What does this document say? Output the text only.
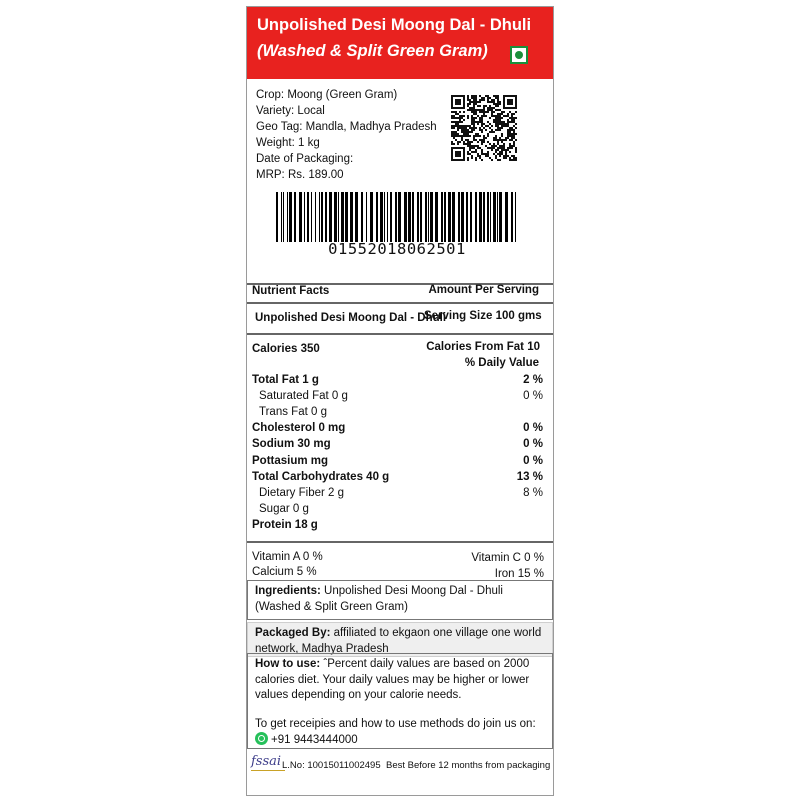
Unpolished Desi Moong Dal - Dhuli
(Washed & Split Green Gram)
Crop: Moong (Green Gram)
Variety: Local
Geo Tag: Mandla, Madhya Pradesh
Weight: 1 kg
Date of Packaging:
MRP: Rs. 189.00
01552018062501
Nutrient Facts	Amount Per Serving
Unpolished Desi Moong Dal - Dhuli
Serving Size 100 gms
Calories 350	Calories From Fat 10
% Daily Value
Total Fat 1 g	2 %
Saturated Fat 0 g	0 %
Trans Fat 0 g
Cholesterol 0 mg	0 %
Sodium 30 mg	0 %
Pottasium mg	0 %
Total Carbohydrates 40 g	13 %
Dietary Fiber 2 g	8 %
Sugar 0 g
Protein 18 g
Vitamin A 0 %	Vitamin C 0 %
Calcium 5 %	Iron 15 %
Ingredients: Unpolished Desi Moong Dal - Dhuli (Washed & Split Green Gram)
Packaged By: affiliated to ekgaon one village one world network, Madhya Pradesh
How to use: ˆPercent daily values are based on 2000 calories diet. Your daily values may be higher or lower values depending on your calorie needs.
To get receipies and how to use methods do join us on:
+91 9443444000
fssai L.No: 10015011002495 Best Before 12 months from packaging
